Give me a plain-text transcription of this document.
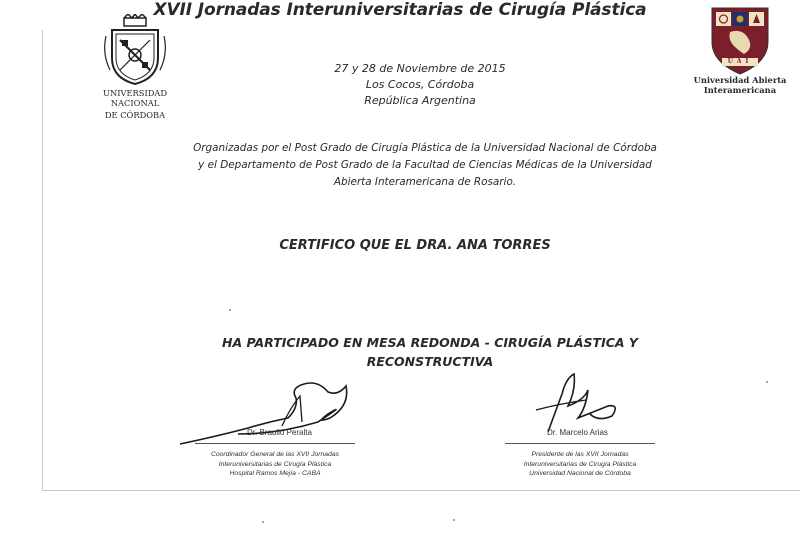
XVII Jornadas Interuniversitarias de Cirugía Plástica
UNIVERSIDAD NACIONAL
DE CÓRDOBA
UAI
Universidad Abierta
Interamericana
27 y 28 de Noviembre de 2015
Los Cocos, Córdoba
República Argentina
Organizadas por el Post Grado de Cirugía Plástica de la Universidad Nacional de Córdoba
y el Departamento de Post Grado de la Facultad de Ciencias Médicas de la Universidad
Abierta Interamericana de Rosario.
CERTIFICO QUE EL DRA. ANA TORRES
HA PARTICIPADO EN MESA REDONDA - CIRUGÍA PLÁSTICA Y
RECONSTRUCTIVA
Dr. Braulio Peralta
Coordinador General de las XVII Jornadas
Interuniversitarias de Cirugía Plástica
Hospital Ramos Mejía - CABA
Dr. Marcelo Arias
Presidente de las XVII Jornadas
Interuniversitarias de Cirugía Plástica
Universidad Nacional de Córdoba
